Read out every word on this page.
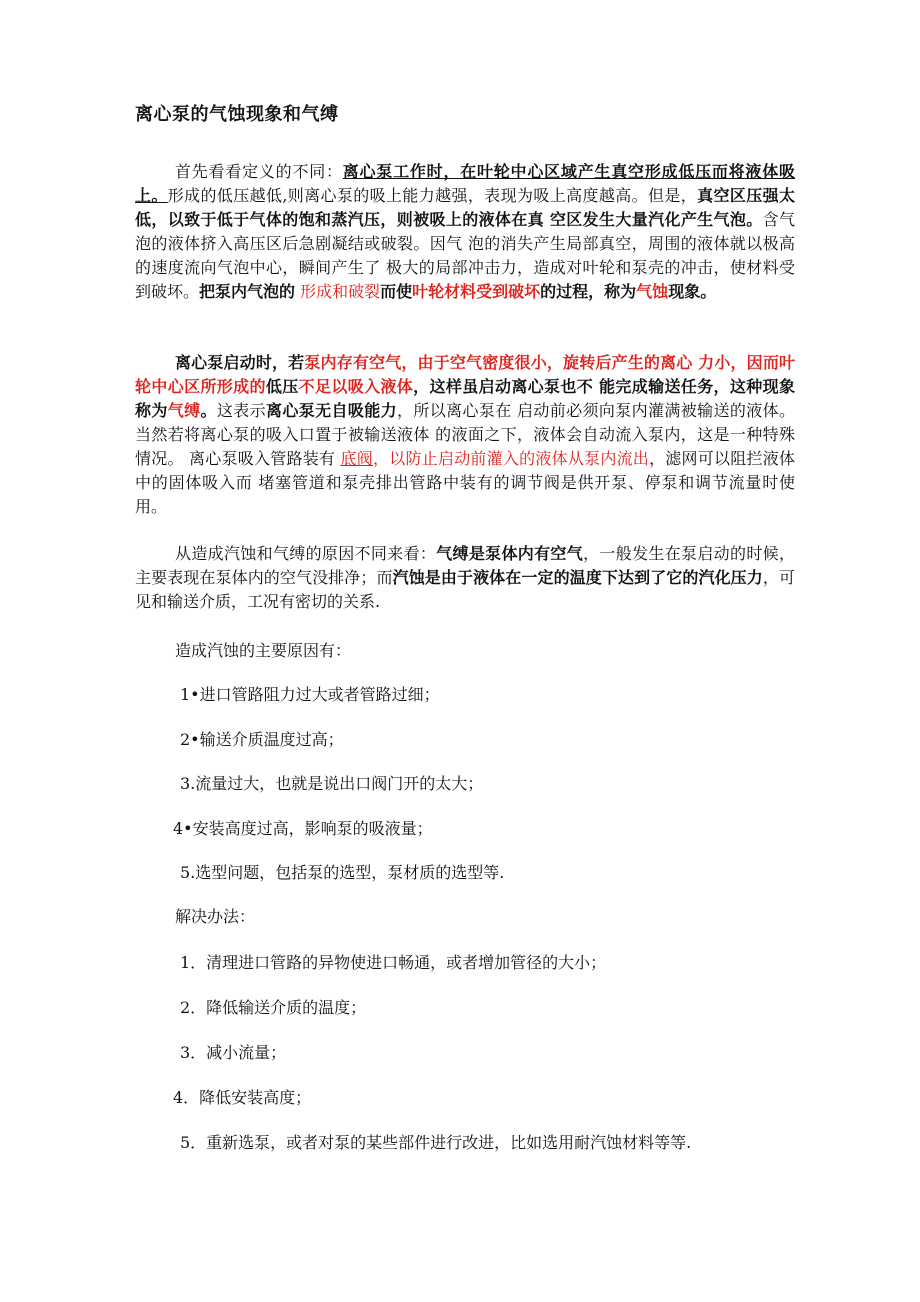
离心泵的气蚀现象和气缚

首先看看定义的不同：离心泵工作时，在叶轮中心区域产生真空形成低压而将液体吸上。形成的低压越低,则离心泵的吸上能力越强，表现为吸上高度越高。但是，真空区压强太低，以致于低于气体的饱和蒸汽压，则被吸上的液体在真 空区发生大量汽化产生气泡。含气泡的液体挤入高压区后急剧凝结或破裂。因气 泡的消失产生局部真空，周围的液体就以极高的速度流向气泡中心，瞬间产生了 极大的局部冲击力，造成对叶轮和泵壳的冲击，使材料受到破坏。把泵内气泡的 形成和破裂而使叶轮材料受到破坏的过程，称为气蚀现象。

离心泵启动时，若泵内存有空气，由于空气密度很小，旋转后产生的离心 力小，因而叶轮中心区所形成的低压不足以吸入液体，这样虽启动离心泵也不 能完成输送任务，这种现象称为气缚。这表示离心泵无自吸能力，所以离心泵在 启动前必须向泵内灌满被输送的液体。当然若将离心泵的吸入口置于被输送液体 的液面之下，液体会自动流入泵内，这是一种特殊情况。 离心泵吸入管路装有 底阀，以防止启动前灌入的液体从泵内流出，滤网可以阻拦液体中的固体吸入而 堵塞管道和泵壳排出管路中装有的调节阀是供开泵、停泵和调节流量时使用。

从造成汽蚀和气缚的原因不同来看：气缚是泵体内有空气，一般发生在泵启动的时候，主要表现在泵体内的空气没排净；而汽蚀是由于液体在一定的温度下达到了它的汽化压力，可见和输送介质，工况有密切的关系.

造成汽蚀的主要原因有：
1•进口管路阻力过大或者管路过细；
2•输送介质温度过高；
3.流量过大，也就是说出口阀门开的太大；
4•安装高度过高，影响泵的吸液量；
5.选型问题，包括泵的选型，泵材质的选型等.
解决办法：
1．清理进口管路的异物使进口畅通，或者增加管径的大小；
2．降低输送介质的温度；
3．减小流量；
4．降低安装高度；
5．重新选泵，或者对泵的某些部件进行改进，比如选用耐汽蚀材料等等.
